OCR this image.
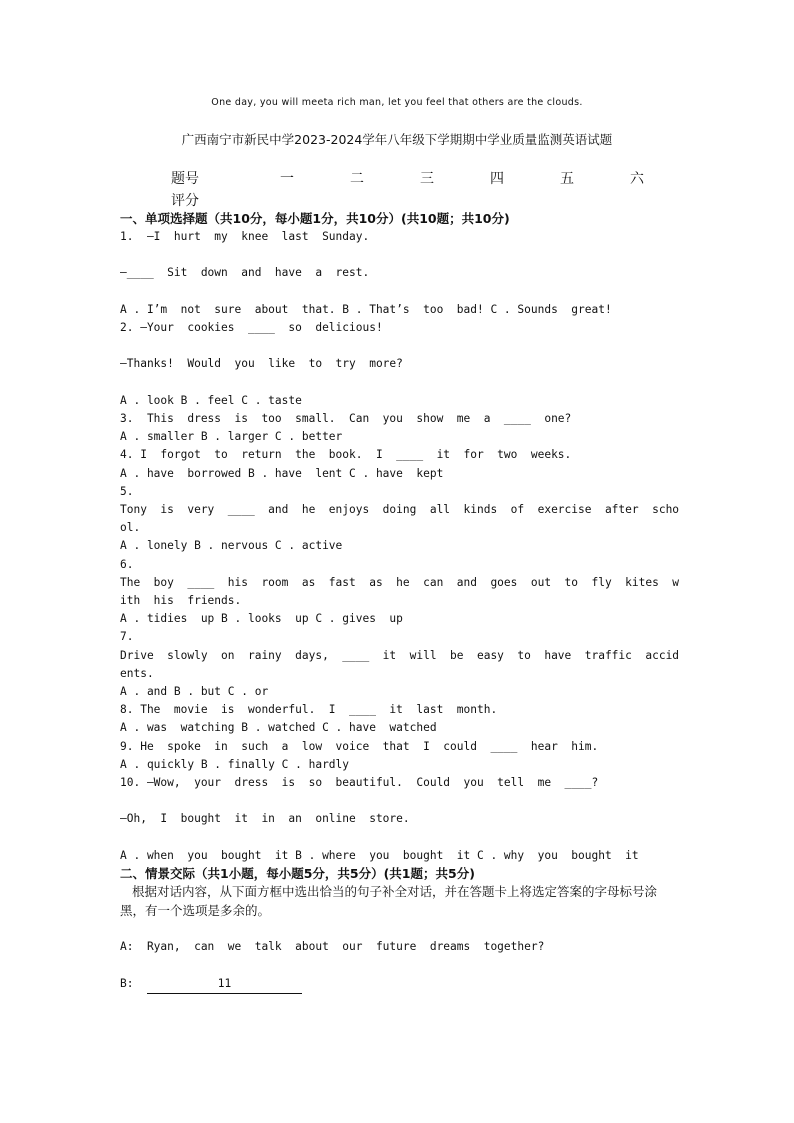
One day, you will meeta rich man, let you feel that others are the clouds.
广西南宁市新民中学2023-2024学年八年级下学期期中学业质量监测英语试题
题号	一	二	三	四	五	六
评分

一、单项选择题（共10分，每小题1分，共10分）(共10题；共10分)

1.  —I  hurt  my  knee  last  Sunday.

—____  Sit  down  and  have  a  rest.

A . I’m  not  sure  about  that. B . That’s  too  bad! C . Sounds  great!

2. —Your  cookies  ____  so  delicious!

—Thanks!  Would  you  like  to  try  more?

A . look B . feel C . taste

3.  This  dress  is  too  small.  Can  you  show  me  a  ____  one?

A . smaller B . larger C . better

4. I  forgot  to  return  the  book.  I  ____  it  for  two  weeks.

A . have  borrowed B . have  lent C . have  kept

5.

Tony  is  very  ____  and  he  enjoys  doing  all  kinds  of  exercise  after  school.

A . lonely B . nervous C . active

6.

The  boy  ____  his  room  as  fast  as  he  can  and  goes  out  to  fly  kites  with  his  friends.

A . tidies  up B . looks  up C . gives  up

7.

Drive  slowly  on  rainy  days,  ____  it  will  be  easy  to  have  traffic  accidents.

A . and B . but C . or

8. The  movie  is  wonderful.  I  ____  it  last  month.

A . was  watching B . watched C . have  watched

9. He  spoke  in  such  a  low  voice  that  I  could  ____  hear  him.

A . quickly B . finally C . hardly

10. —Wow,  your  dress  is  so  beautiful.  Could  you  tell  me  ____?

—Oh,  I  bought  it  in  an  online  store.

A . when  you  bought  it B . where  you  bought  it C . why  you  bought  it

二、情景交际（共1小题，每小题5分，共5分）(共1题；共5分)

根据对话内容，从下面方框中选出恰当的句子补全对话，并在答题卡上将选定答案的字母标号涂黑，有一个选项是多余的。

A:  Ryan,  can  we  talk  about  our  future  dreams  together?

B:	11
